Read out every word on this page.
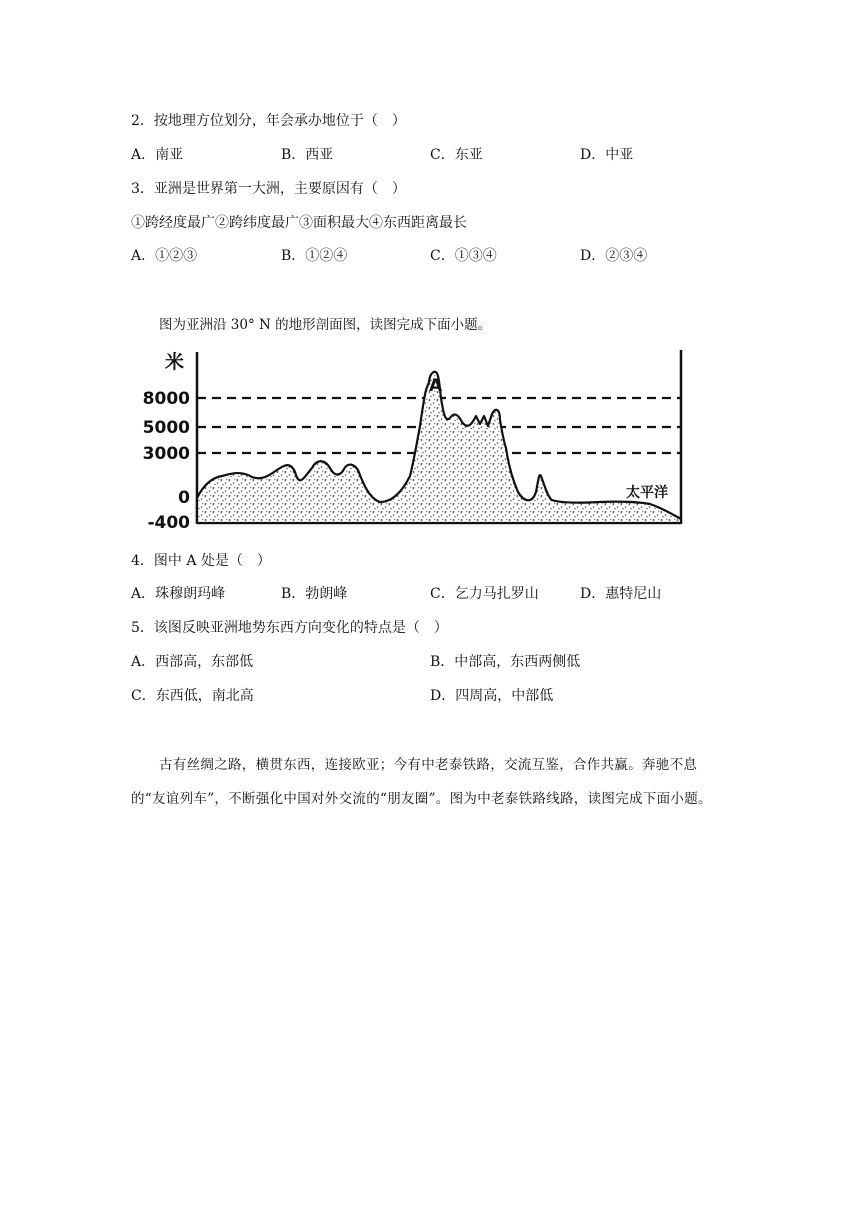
2．按地理方位划分，年会承办地位于（　）
A．南亚	B．西亚	C．东亚	D．中亚
3．亚洲是世界第一大洲，主要原因有（　）
①跨经度最广②跨纬度最广③面积最大④东西距离最长
A．①②③	B．①②④	C．①③④	D．②③④
图为亚洲沿 30° N 的地形剖面图，读图完成下面小题。
A
米
8000
5000
3000
0
-400
太平洋
4．图中 A 处是（　）
A．珠穆朗玛峰	B．勃朗峰	C．乞力马扎罗山	D．惠特尼山
5．该图反映亚洲地势东西方向变化的特点是（　）
A．西部高，东部低	B．中部高，东西两侧低
C．东西低，南北高	D．四周高，中部低
古有丝绸之路，横贯东西，连接欧亚；今有中老泰铁路，交流互鉴，合作共赢。奔驰不息的“友谊列车”，不断强化中国对外交流的“朋友圈”。图为中老泰铁路线路，读图完成下面小题。
